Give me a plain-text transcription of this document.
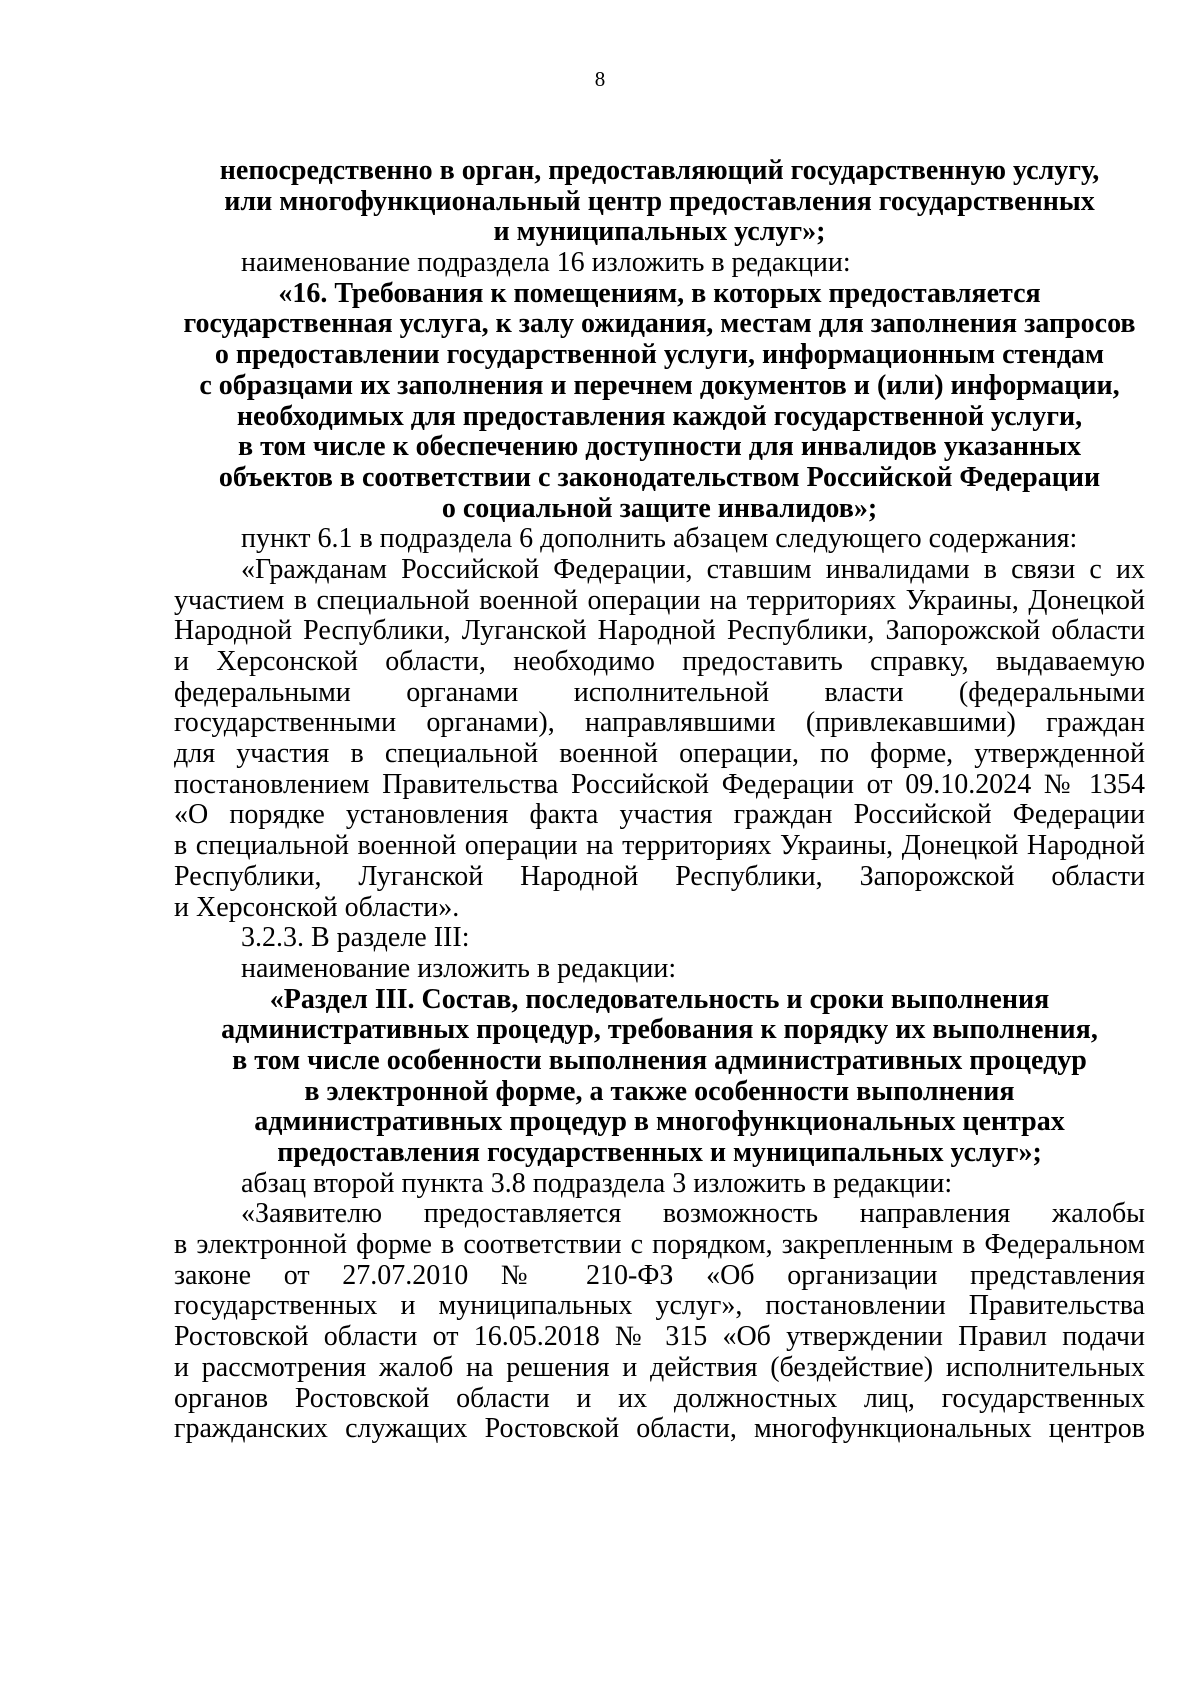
8
непосредственно в орган, предоставляющий государственную услугу,
или многофункциональный центр предоставления государственных
и муниципальных услуг»;
наименование подраздела 16 изложить в редакции:
«16. Требования к помещениям, в которых предоставляется
государственная услуга, к залу ожидания, местам для заполнения запросов
о предоставлении государственной услуги, информационным стендам
с образцами их заполнения и перечнем документов и (или) информации,
необходимых для предоставления каждой государственной услуги,
в том числе к обеспечению доступности для инвалидов указанных
объектов в соответствии с законодательством Российской Федерации
о социальной защите инвалидов»;
пункт 6.1 в подраздела 6 дополнить абзацем следующего содержания:
«Гражданам Российской Федерации, ставшим инвалидами в связи с их
участием в специальной военной операции на территориях Украины, Донецкой
Народной Республики, Луганской Народной Республики, Запорожской области
и Херсонской области, необходимо предоставить справку, выдаваемую
федеральными органами исполнительной власти (федеральными
государственными органами), направлявшими (привлекавшими) граждан
для участия в специальной военной операции, по форме, утвержденной
постановлением Правительства Российской Федерации от 09.10.2024 № 1354
«О порядке установления факта участия граждан Российской Федерации
в специальной военной операции на территориях Украины, Донецкой Народной
Республики, Луганской Народной Республики, Запорожской области
и Херсонской области».
3.2.3. В разделе III:
наименование изложить в редакции:
«Раздел III. Состав, последовательность и сроки выполнения
административных процедур, требования к порядку их выполнения,
в том числе особенности выполнения административных процедур
в электронной форме, а также особенности выполнения
административных процедур в многофункциональных центрах
предоставления государственных и муниципальных услуг»;
абзац второй пункта 3.8 подраздела 3 изложить в редакции:
«Заявителю предоставляется возможность направления жалобы
в электронной форме в соответствии с порядком, закрепленным в Федеральном
законе от 27.07.2010 № 210-ФЗ «Об организации представления
государственных и муниципальных услуг», постановлении Правительства
Ростовской области от 16.05.2018 № 315 «Об утверждении Правил подачи
и рассмотрения жалоб на решения и действия (бездействие) исполнительных
органов Ростовской области и их должностных лиц, государственных
гражданских служащих Ростовской области, многофункциональных центров
